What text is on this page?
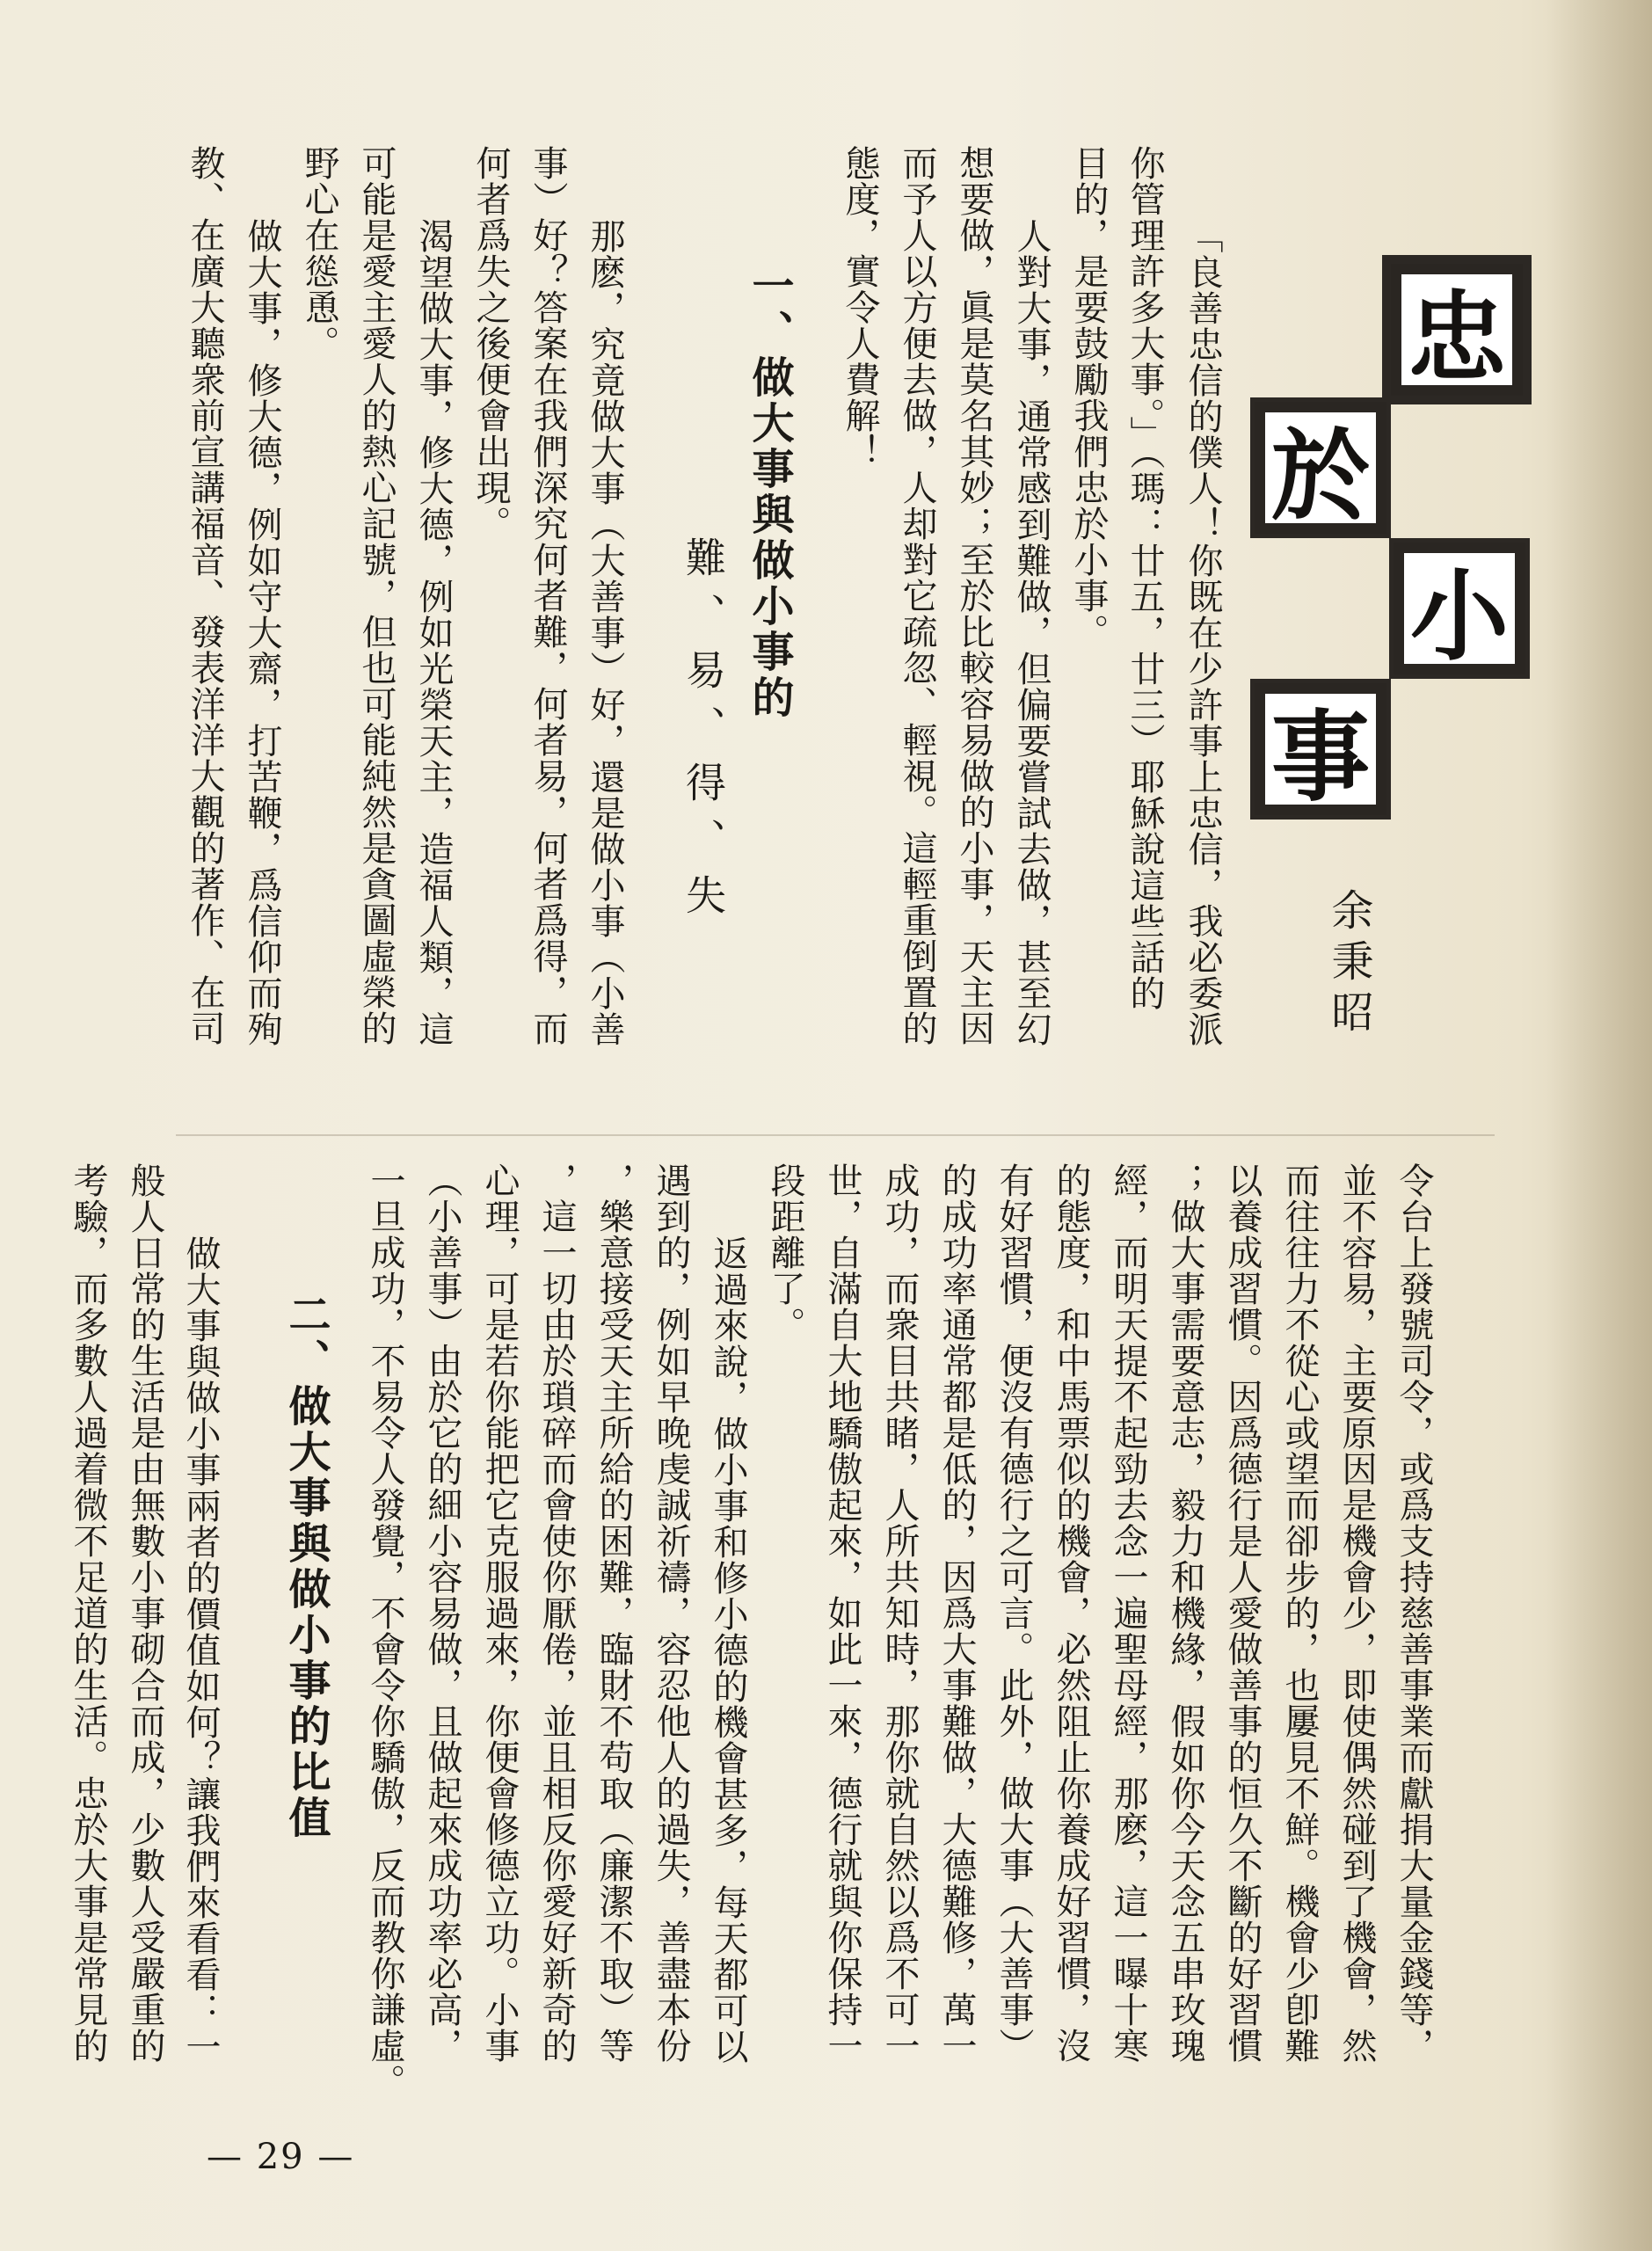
忠
於
小
事
余秉昭
「良善忠信的僕人！你既在少許事上忠信，我必委派
你管理許多大事。」（瑪：廿五，廿三）耶穌說這些話的
目的，是要鼓勵我們忠於小事。
人對大事，通常感到難做，但偏要嘗試去做，甚至幻
想要做，眞是莫名其妙；至於比較容易做的小事，天主因
而予人以方便去做，人却對它疏忽、輕視。這輕重倒置的
態度，實令人費解！
一、做大事與做小事的
難、易、得、失
那麽，究竟做大事（大善事）好，還是做小事（小善
事）好？答案在我們深究何者難，何者易，何者爲得，而
何者爲失之後便會出現。
渴望做大事，修大德，例如光榮天主，造福人類，這
可能是愛主愛人的熱心記號，但也可能純然是貪圖虛榮的
野心在慫恿。
做大事，修大德，例如守大齋，打苦鞭，爲信仰而殉
教、在廣大聽衆前宣講福音、發表洋洋大觀的著作、在司
令台上發號司令，或爲支持慈善事業而獻捐大量金錢等，
並不容易，主要原因是機會少，即使偶然碰到了機會，然
而往往力不從心或望而卻步的，也屢見不鮮。機會少卽難
以養成習慣。因爲德行是人愛做善事的恒久不斷的好習慣
；做大事需要意志，毅力和機緣，假如你今天念五串玫瑰
經，而明天提不起勁去念一遍聖母經，那麽，這一曝十寒
的態度，和中馬票似的機會，必然阻止你養成好習慣，沒
有好習慣，便沒有德行之可言。此外，做大事（大善事）
的成功率通常都是低的，因爲大事難做，大德難修，萬一
成功，而衆目共睹，人所共知時，那你就自然以爲不可一
世，自滿自大地驕傲起來，如此一來，德行就與你保持一
段距離了。
返過來說，做小事和修小德的機會甚多，每天都可以
遇到的，例如早晚虔誠祈禱，容忍他人的過失，善盡本份
，樂意接受天主所給的困難，臨財不苟取（廉潔不取）等
，這一切由於瑣碎而會使你厭倦，並且相反你愛好新奇的
心理，可是若你能把它克服過來，你便會修德立功。小事
（小善事）由於它的細小容易做，且做起來成功率必高，
一旦成功，不易令人發覺，不會令你驕傲，反而教你謙虛。
二、做大事與做小事的比值
做大事與做小事兩者的價值如何？讓我們來看看：一
般人日常的生活是由無數小事砌合而成，少數人受嚴重的
考驗，而多數人過着微不足道的生活。忠於大事是常見的
— 29 —
